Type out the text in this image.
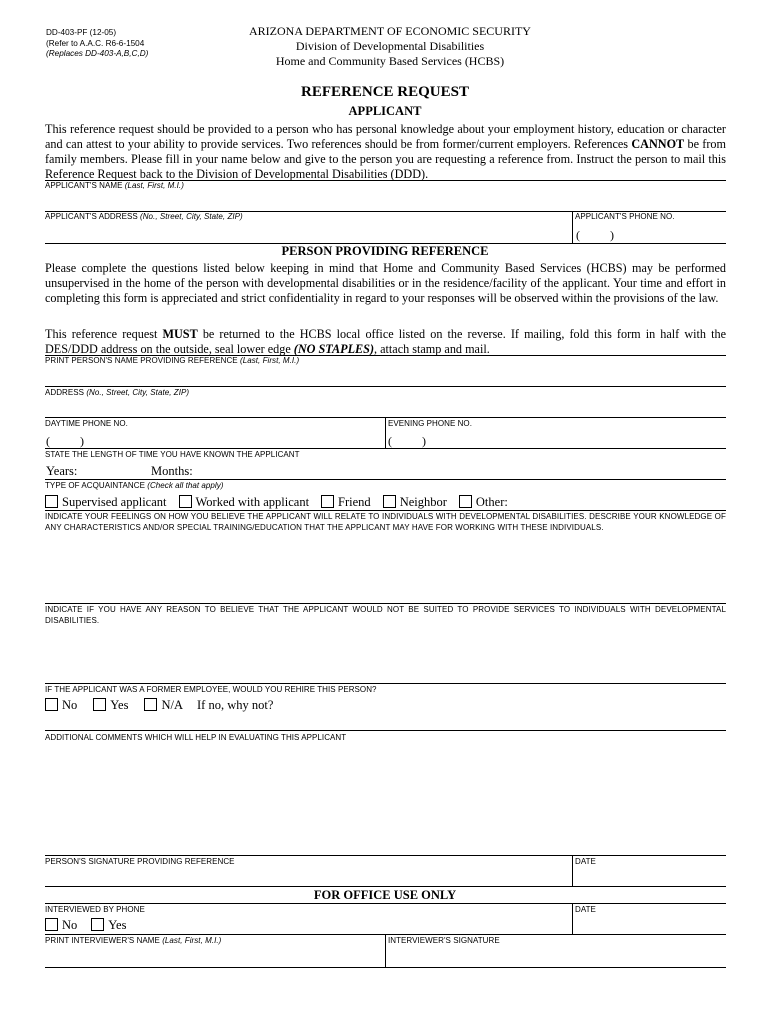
DD-403-PF (12-05)
(Refer to A.A.C. R6-6-1504
(Replaces DD-403-A,B,C,D)
ARIZONA DEPARTMENT OF ECONOMIC SECURITY
Division of Developmental Disabilities
Home and Community Based Services (HCBS)
REFERENCE REQUEST
APPLICANT
This reference request should be provided to a person who has personal knowledge about your employment history, education or character and can attest to your ability to provide services. Two references should be from former/current employers. References CANNOT be from family members. Please fill in your name below and give to the person you are requesting a reference from. Instruct the person to mail this Reference Request back to the Division of Developmental Disabilities (DDD).
APPLICANT'S NAME (Last, First, M.I.)
APPLICANT'S ADDRESS (No., Street, City, State, ZIP)	APPLICANT'S PHONE NO.
(          )
PERSON PROVIDING REFERENCE
Please complete the questions listed below keeping in mind that Home and Community Based Services (HCBS) may be performed unsupervised in the home of the person with developmental disabilities or in the residence/facility of the applicant. Your time and effort in completing this form is appreciated and strict confidentiality in regard to your responses will be observed within the provisions of the law.
This reference request MUST be returned to the HCBS local office listed on the reverse. If mailing, fold this form in half with the DES/DDD address on the outside, seal lower edge (NO STAPLES), attach stamp and mail.
PRINT PERSON'S NAME PROVIDING REFERENCE (Last, First, M.I.)
ADDRESS (No., Street, City, State, ZIP)
DAYTIME PHONE NO.
(          )
EVENING PHONE NO.
(          )
STATE THE LENGTH OF TIME YOU HAVE KNOWN THE APPLICANT
Years:	Months:
TYPE OF ACQUAINTANCE (Check all that apply)
Supervised applicant Worked with applicant Friend Neighbor Other:
INDICATE YOUR FEELINGS ON HOW YOU BELIEVE THE APPLICANT WILL RELATE TO INDIVIDUALS WITH DEVELOPMENTAL DISABILITIES. DESCRIBE YOUR KNOWLEDGE OF ANY CHARACTERISTICS AND/OR SPECIAL TRAINING/EDUCATION THAT THE APPLICANT MAY HAVE FOR WORKING WITH THESE INDIVIDUALS.
INDICATE IF YOU HAVE ANY REASON TO BELIEVE THAT THE APPLICANT WOULD NOT BE SUITED TO PROVIDE SERVICES TO INDIVIDUALS WITH DEVELOPMENTAL DISABILITIES.
IF THE APPLICANT WAS A FORMER EMPLOYEE, WOULD YOU REHIRE THIS PERSON?
No	Yes	N/A If no, why not?
ADDITIONAL COMMENTS WHICH WILL HELP IN EVALUATING THIS APPLICANT
PERSON'S SIGNATURE PROVIDING REFERENCE	DATE
FOR OFFICE USE ONLY
INTERVIEWED BY PHONE
No Yes
DATE
PRINT INTERVIEWER'S NAME (Last, First, M.I.)	INTERVIEWER'S SIGNATURE
